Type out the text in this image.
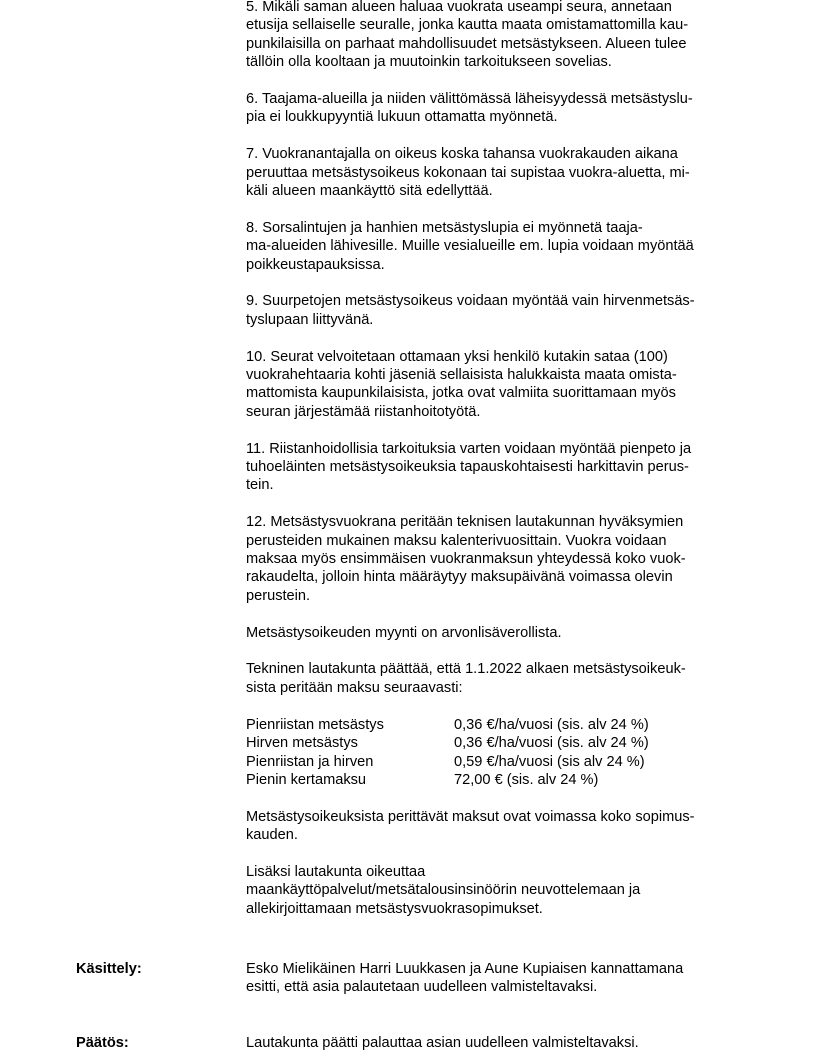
5. Mikäli saman alueen haluaa vuokrata useampi seura, annetaan
etusija sellaiselle seuralle, jonka kautta maata omistamattomilla kau-
punkilaisilla on parhaat mahdollisuudet metsästykseen. Alueen tulee
tällöin olla kooltaan ja muutoinkin tarkoitukseen sovelias.

6. Taajama-alueilla ja niiden välittömässä läheisyydessä metsästyslu-
pia ei loukkupyyntiä lukuun ottamatta myönnetä.

7. Vuokranantajalla on oikeus koska tahansa vuokrakauden aikana
peruuttaa metsästysoikeus kokonaan tai supistaa vuokra-aluetta, mi-
käli alueen maankäyttö sitä edellyttää.

8. Sorsalintujen ja hanhien metsästyslupia ei myönnetä taaja-
ma-alueiden lähivesille. Muille vesialueille em. lupia voidaan myöntää
poikkeustapauksissa.

9. Suurpetojen metsästysoikeus voidaan myöntää vain hirvenmetsäs-
tyslupaan liittyvänä.

10. Seurat velvoitetaan ottamaan yksi henkilö kutakin sataa (100)
vuokrahehtaaria kohti jäseniä sellaisista halukkaista maata omista-
mattomista kaupunkilaisista, jotka ovat valmiita suorittamaan myös
seuran järjestämää riistanhoitotyötä.

11. Riistanhoidollisia tarkoituksia varten voidaan myöntää pienpeto ja
tuhoeläinten metsästysoikeuksia tapauskohtaisesti harkittavin perus-
tein.

12. Metsästysvuokrana peritään teknisen lautakunnan hyväksymien
perusteiden mukainen maksu kalenterivuosittain. Vuokra voidaan
maksaa myös ensimmäisen vuokranmaksun yhteydessä koko vuok-
rakaudelta, jolloin hinta määräytyy maksupäivänä voimassa olevin
perustein.

Metsästysoikeuden myynti on arvonlisäverollista.

Tekninen lautakunta päättää, että 1.1.2022 alkaen metsästysoikeuk-
sista peritään maksu seuraavasti:

Pienriistan metsästys	0,36 €/ha/vuosi (sis. alv 24 %)
Hirven metsästys	0,36 €/ha/vuosi (sis. alv 24 %)
Pienriistan ja hirven	0,59 €/ha/vuosi (sis alv 24 %)
Pienin kertamaksu	72,00 € (sis. alv 24 %)

Metsästysoikeuksista perittävät maksut ovat voimassa koko sopimus-
kauden.

Lisäksi lautakunta oikeuttaa
maankäyttöpalvelut/metsätalousinsinöörin neuvottelemaan ja
allekirjoittamaan metsästysvuokrasopimukset.

Käsittely:	Esko Mielikäinen Harri Luukkasen ja Aune Kupiaisen kannattamana
esitti, että asia palautetaan uudelleen valmisteltavaksi.
Päätös:	Lautakunta päätti palauttaa asian uudelleen valmisteltavaksi.
